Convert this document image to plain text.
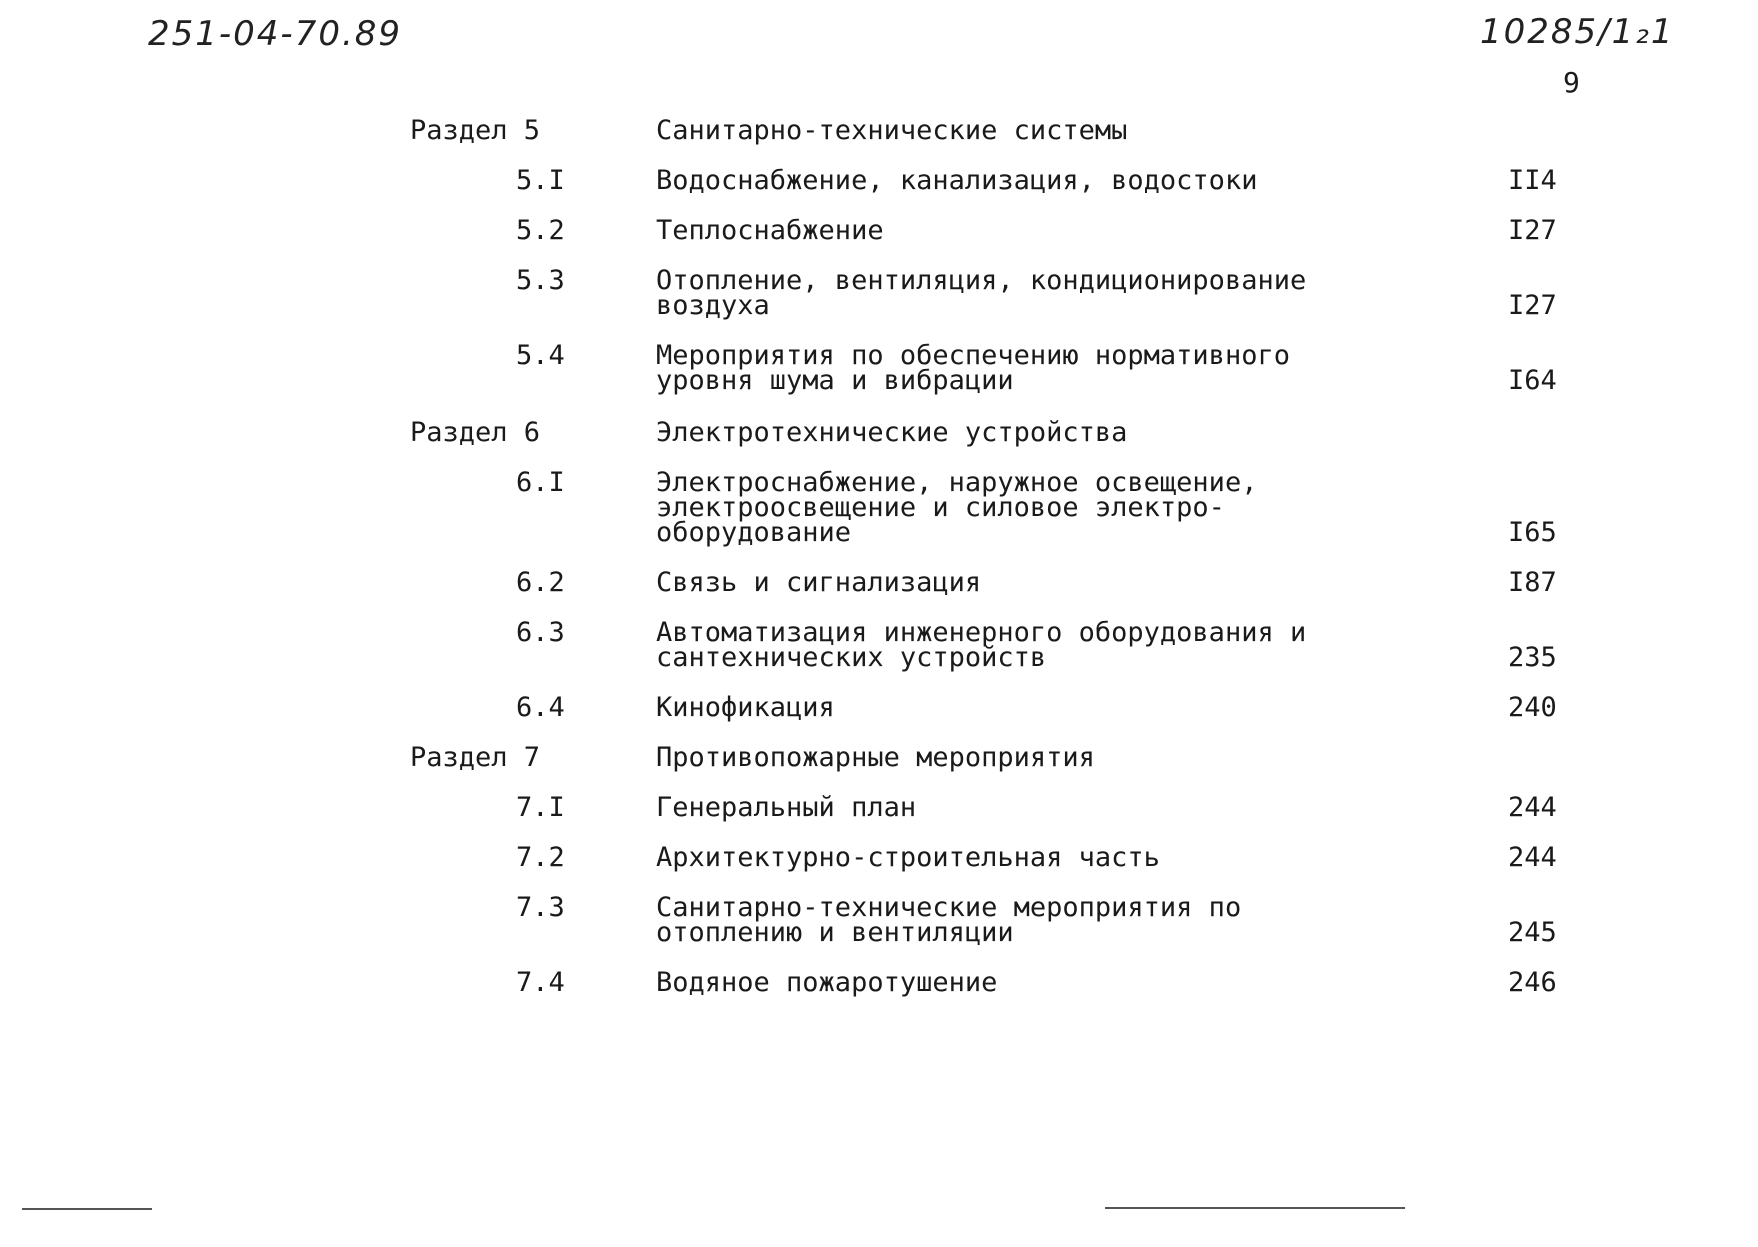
251-04-70.89	10285/1₂1
9
Раздел 5	Санитарно-технические системы
5.I	Водоснабжение, канализация, водостоки	II4
5.2	Теплоснабжение	I27
5.3	Отопление, вентиляция, кондиционирование
воздуха	I27
5.4	Мероприятия по обеспечению нормативного
уровня шума и вибрации	I64
Раздел 6	Электротехнические устройства
6.I	Электроснабжение, наружное освещение,
электроосвещение и силовое электро-
оборудование	I65
6.2	Связь и сигнализация	I87
6.3	Автоматизация инженерного оборудования и
сантехнических устройств	235
6.4	Кинофикация	240
Раздел 7	Противопожарные мероприятия
7.I	Генеральный план	244
7.2	Архитектурно-строительная часть	244
7.3	Санитарно-технические мероприятия по
отоплению и вентиляции	245
7.4	Водяное пожаротушение	246
